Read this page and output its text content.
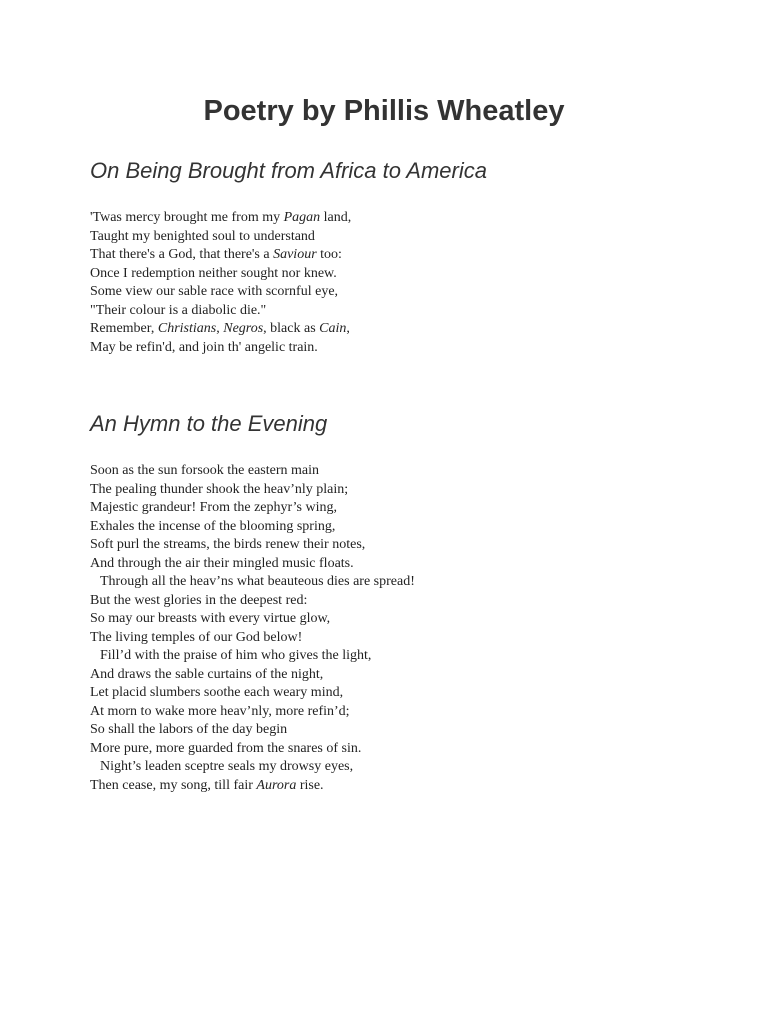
Poetry by Phillis Wheatley
On Being Brought from Africa to America
'Twas mercy brought me from my Pagan land,
Taught my benighted soul to understand
That there's a God, that there's a Saviour too:
Once I redemption neither sought nor knew.
Some view our sable race with scornful eye,
"Their colour is a diabolic die."
Remember, Christians, Negros, black as Cain,
May be refin'd, and join th' angelic train.
An Hymn to the Evening
Soon as the sun forsook the eastern main
The pealing thunder shook the heav’nly plain;
Majestic grandeur! From the zephyr’s wing,
Exhales the incense of the blooming spring,
Soft purl the streams, the birds renew their notes,
And through the air their mingled music floats.
Through all the heav’ns what beauteous dies are spread!
But the west glories in the deepest red:
So may our breasts with every virtue glow,
The living temples of our God below!
Fill’d with the praise of him who gives the light,
And draws the sable curtains of the night,
Let placid slumbers soothe each weary mind,
At morn to wake more heav’nly, more refin’d;
So shall the labors of the day begin
More pure, more guarded from the snares of sin.
Night’s leaden sceptre seals my drowsy eyes,
Then cease, my song, till fair Aurora rise.
